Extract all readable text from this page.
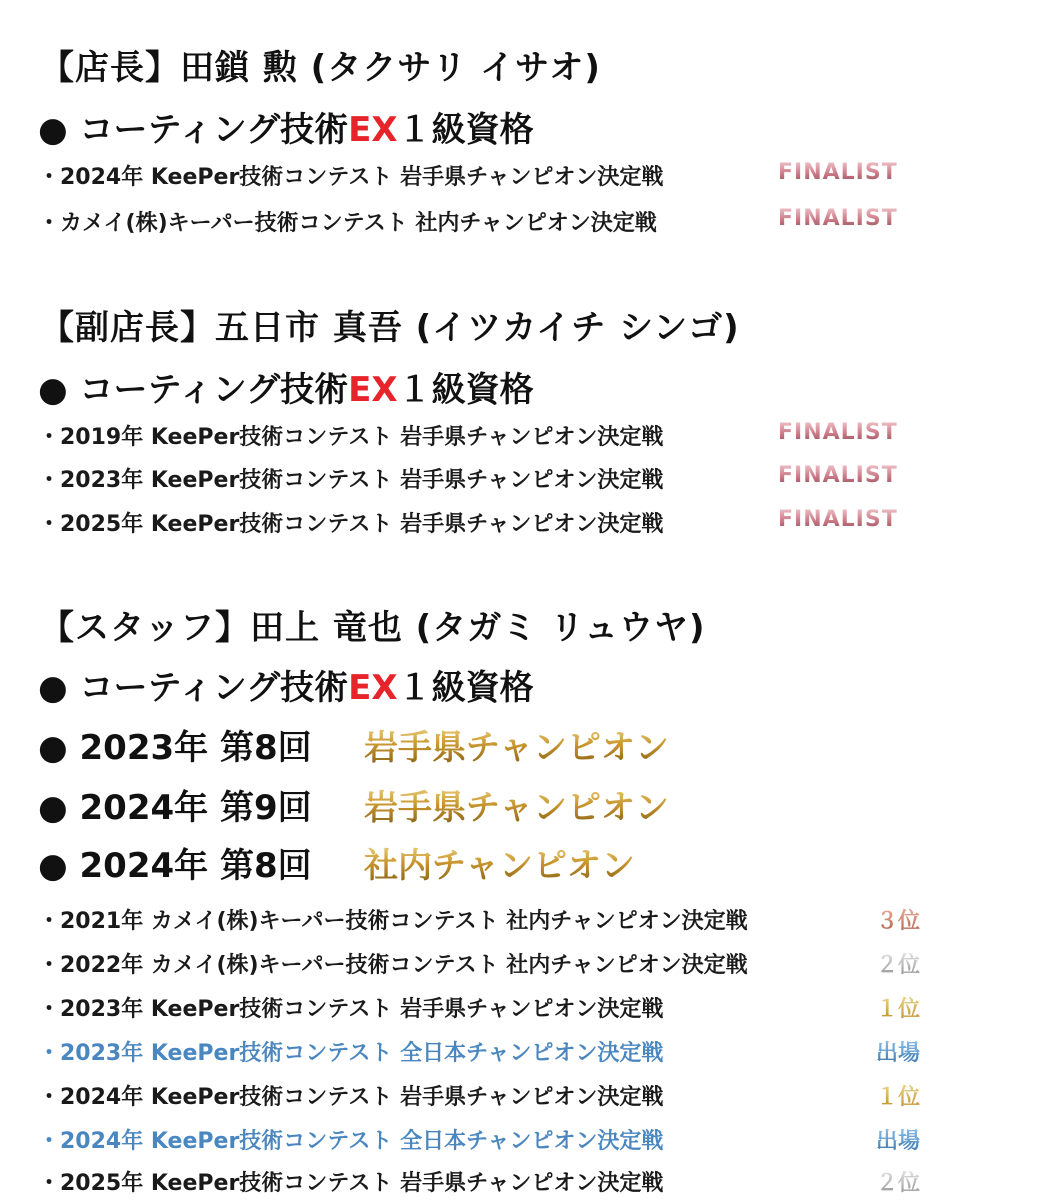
【店長】田鎖 勲 (タクサリ イサオ)
● コーティング技術EX１級資格
・2024年 KeePer技術コンテスト 岩手県チャンピオン決定戦	FINALIST
・カメイ(株)キーパー技術コンテスト 社内チャンピオン決定戦	FINALIST
【副店長】五日市 真吾 (イツカイチ シンゴ)
● コーティング技術EX１級資格
・2019年 KeePer技術コンテスト 岩手県チャンピオン決定戦	FINALIST
・2023年 KeePer技術コンテスト 岩手県チャンピオン決定戦	FINALIST
・2025年 KeePer技術コンテスト 岩手県チャンピオン決定戦	FINALIST
【スタッフ】田上 竜也 (タガミ リュウヤ)
● コーティング技術EX１級資格
● 2023年 第8回 岩手県チャンピオン
● 2024年 第9回 岩手県チャンピオン
● 2024年 第8回 社内チャンピオン
・2021年 カメイ(株)キーパー技術コンテスト 社内チャンピオン決定戦	３位
・2022年 カメイ(株)キーパー技術コンテスト 社内チャンピオン決定戦	２位
・2023年 KeePer技術コンテスト 岩手県チャンピオン決定戦	１位
・2023年 KeePer技術コンテスト 全日本チャンピオン決定戦	出場
・2024年 KeePer技術コンテスト 岩手県チャンピオン決定戦	１位
・2024年 KeePer技術コンテスト 全日本チャンピオン決定戦	出場
・2025年 KeePer技術コンテスト 岩手県チャンピオン決定戦	２位
